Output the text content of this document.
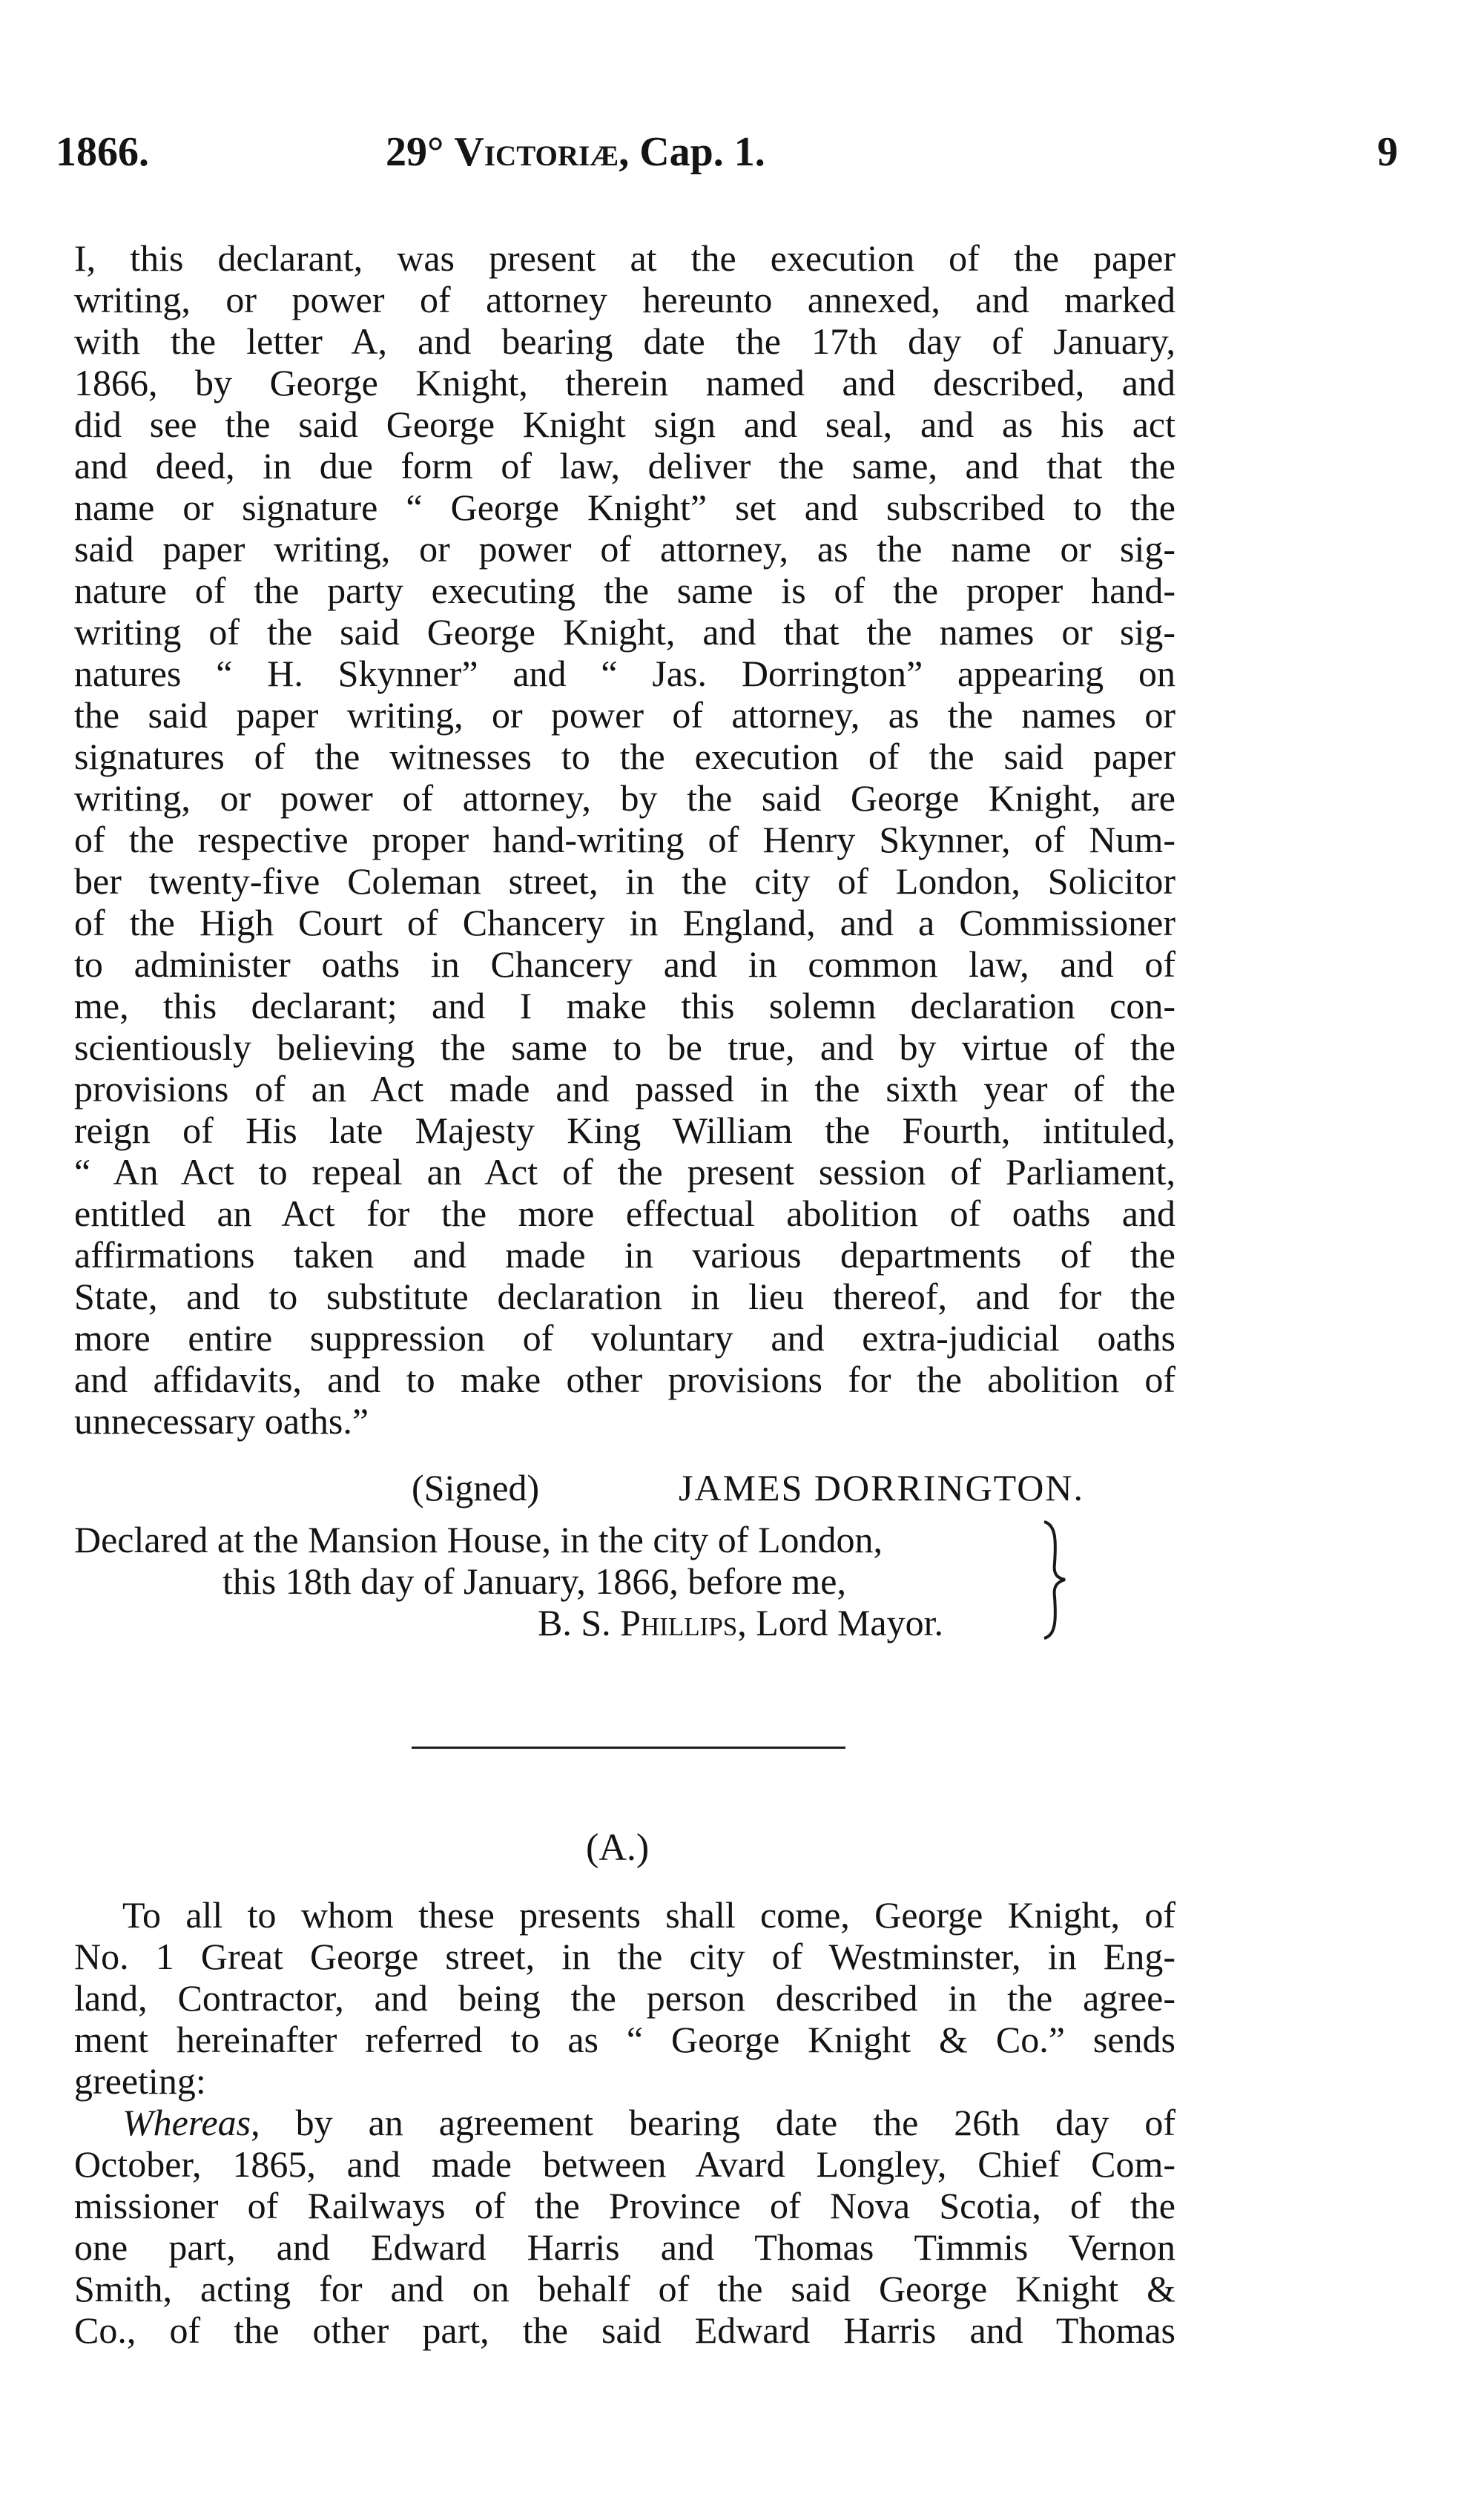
1866.	29° Victoriæ, Cap. 1.	9
I, this declarant, was present at the execution of the paper
writing, or power of attorney hereunto annexed, and marked
with the letter A, and bearing date the 17th day of January,
1866, by George Knight, therein named and described, and
did see the said George Knight sign and seal, and as his act
and deed, in due form of law, deliver the same, and that the
name or signature “ George Knight” set and subscribed to the
said paper writing, or power of attorney, as the name or sig-
nature of the party executing the same is of the proper hand-
writing of the said George Knight, and that the names or sig-
natures “ H. Skynner” and “ Jas. Dorrington” appearing on
the said paper writing, or power of attorney, as the names or
signatures of the witnesses to the execution of the said paper
writing, or power of attorney, by the said George Knight, are
of the respective proper hand-writing of Henry Skynner, of Num-
ber twenty-five Coleman street, in the city of London, Solicitor
of the High Court of Chancery in England, and a Commissioner
to administer oaths in Chancery and in common law, and of
me, this declarant; and I make this solemn declaration con-
scientiously believing the same to be true, and by virtue of the
provisions of an Act made and passed in the sixth year of the
reign of His late Majesty King William the Fourth, intituled,
“ An Act to repeal an Act of the present session of Parliament,
entitled an Act for the more effectual abolition of oaths and
affirmations taken and made in various departments of the
State, and to substitute declaration in lieu thereof, and for the
more entire suppression of voluntary and extra-judicial oaths
and affidavits, and to make other provisions for the abolition of
unnecessary oaths.”
(Signed)	JAMES DORRINGTON.
Declared at the Mansion House, in the city of London,
this 18th day of January, 1866, before me,
B. S. Phillips, Lord Mayor.
(A.)
To all to whom these presents shall come, George Knight, of
No. 1 Great George street, in the city of Westminster, in Eng-
land, Contractor, and being the person described in the agree-
ment hereinafter referred to as “ George Knight & Co.” sends
greeting:
Whereas, by an agreement bearing date the 26th day of
October, 1865, and made between Avard Longley, Chief Com-
missioner of Railways of the Province of Nova Scotia, of the
one part, and Edward Harris and Thomas Timmis Vernon
Smith, acting for and on behalf of the said George Knight &
Co., of the other part, the said Edward Harris and Thomas
